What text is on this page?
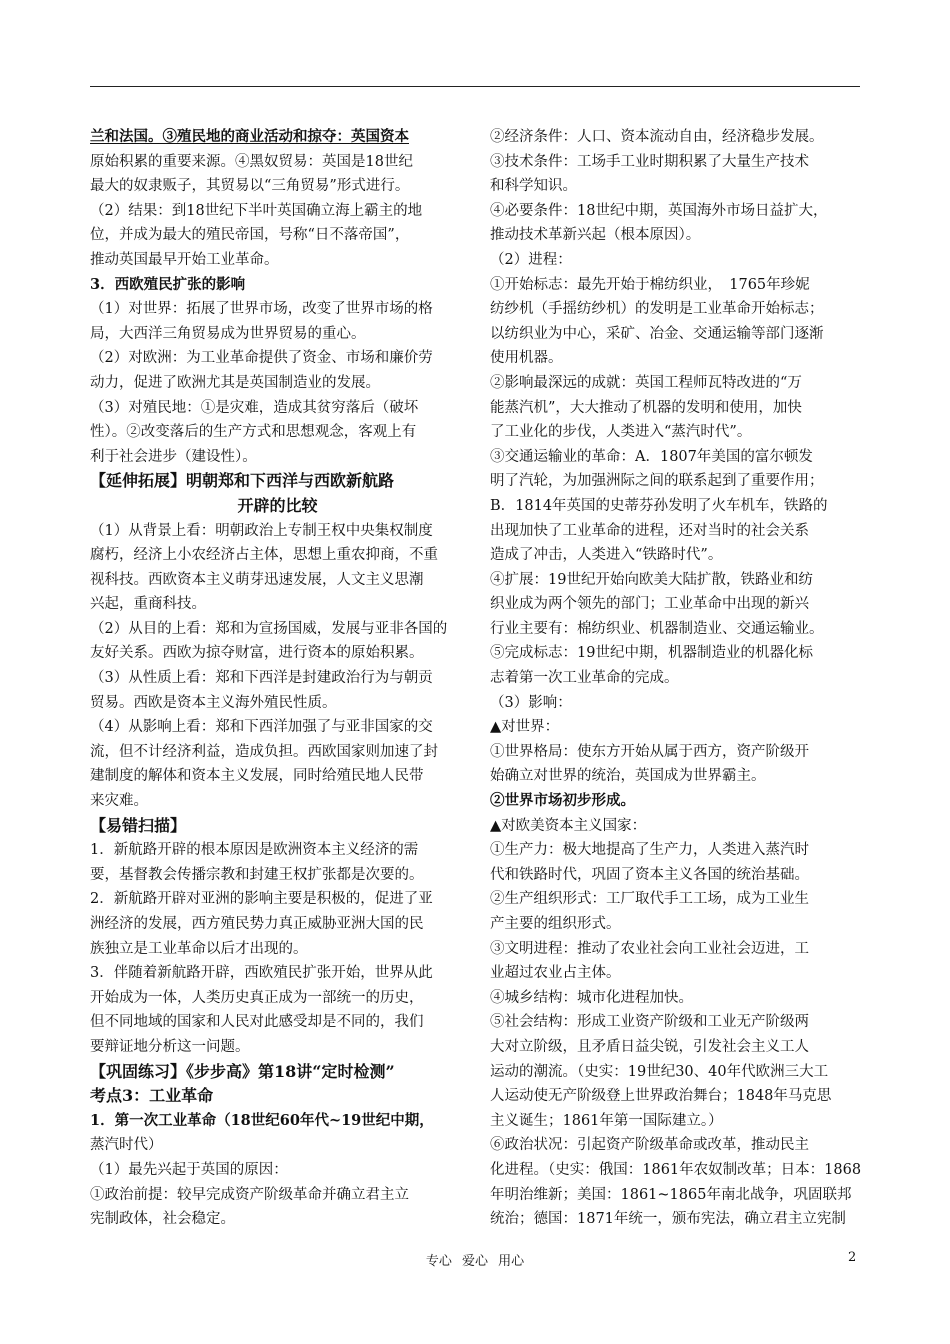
兰和法国。③殖民地的商业活动和掠夺：英国资本

原始积累的重要来源。④黑奴贸易：英国是18世纪

最大的奴隶贩子，其贸易以“三角贸易”形式进行。

（2）结果：到18世纪下半叶英国确立海上霸主的地

位，并成为最大的殖民帝国，号称“日不落帝国”，

推动英国最早开始工业革命。

3．西欧殖民扩张的影响

（1）对世界：拓展了世界市场，改变了世界市场的格

局，大西洋三角贸易成为世界贸易的重心。

（2）对欧洲：为工业革命提供了资金、市场和廉价劳

动力，促进了欧洲尤其是英国制造业的发展。

（3）对殖民地：①是灾难，造成其贫穷落后（破坏

性）。②改变落后的生产方式和思想观念，客观上有

利于社会进步（建设性）。

【延伸拓展】明朝郑和下西洋与西欧新航路

开辟的比较

（1）从背景上看：明朝政治上专制王权中央集权制度

腐朽，经济上小农经济占主体，思想上重农抑商，不重

视科技。西欧资本主义萌芽迅速发展，人文主义思潮

兴起，重商科技。

（2）从目的上看：郑和为宣扬国威，发展与亚非各国的

友好关系。西欧为掠夺财富，进行资本的原始积累。

（3）从性质上看：郑和下西洋是封建政治行为与朝贡

贸易。西欧是资本主义海外殖民性质。

（4）从影响上看：郑和下西洋加强了与亚非国家的交

流，但不计经济利益，造成负担。西欧国家则加速了封

建制度的解体和资本主义发展，同时给殖民地人民带

来灾难。

【易错扫描】

1．新航路开辟的根本原因是欧洲资本主义经济的需

要，基督教会传播宗教和封建王权扩张都是次要的。

2．新航路开辟对亚洲的影响主要是积极的，促进了亚

洲经济的发展，西方殖民势力真正威胁亚洲大国的民

族独立是工业革命以后才出现的。

3．伴随着新航路开辟，西欧殖民扩张开始，世界从此

开始成为一体，人类历史真正成为一部统一的历史，

但不同地域的国家和人民对此感受却是不同的，我们

要辩证地分析这一问题。

【巩固练习】《步步高》第18讲“定时检测”

考点3：工业革命

1．第一次工业革命（18世纪60年代~19世纪中期，

蒸汽时代）

（1）最先兴起于英国的原因：

①政治前提：较早完成资产阶级革命并确立君主立

宪制政体，社会稳定。

②经济条件：人口、资本流动自由，经济稳步发展。

③技术条件：工场手工业时期积累了大量生产技术

和科学知识。

④必要条件：18世纪中期，英国海外市场日益扩大，

推动技术革新兴起（根本原因）。

（2）进程：

①开始标志：最先开始于棉纺织业，　1765年珍妮

纺纱机（手摇纺纱机）的发明是工业革命开始标志；

以纺织业为中心，采矿、冶金、交通运输等部门逐渐

使用机器。

②影响最深远的成就：英国工程师瓦特改进的“万

能蒸汽机”，大大推动了机器的发明和使用，加快

了工业化的步伐，人类进入“蒸汽时代”。

③交通运输业的革命：A．1807年美国的富尔顿发

明了汽轮，为加强洲际之间的联系起到了重要作用；

B．1814年英国的史蒂芬孙发明了火车机车，铁路的

出现加快了工业革命的进程，还对当时的社会关系

造成了冲击，人类进入“铁路时代”。

④扩展：19世纪开始向欧美大陆扩散，铁路业和纺

织业成为两个领先的部门；工业革命中出现的新兴

行业主要有：棉纺织业、机器制造业、交通运输业。

⑤完成标志：19世纪中期，机器制造业的机器化标

志着第一次工业革命的完成。

（3）影响：

▲对世界：

①世界格局：使东方开始从属于西方，资产阶级开

始确立对世界的统治，英国成为世界霸主。

②世界市场初步形成。

▲对欧美资本主义国家：

①生产力：极大地提高了生产力，人类进入蒸汽时

代和铁路时代，巩固了资本主义各国的统治基础。

②生产组织形式：工厂取代手工工场，成为工业生

产主要的组织形式。

③文明进程：推动了农业社会向工业社会迈进，工

业超过农业占主体。

④城乡结构：城市化进程加快。

⑤社会结构：形成工业资产阶级和工业无产阶级两

大对立阶级，且矛盾日益尖锐，引发社会主义工人

运动的潮流。（史实：19世纪30、40年代欧洲三大工

人运动使无产阶级登上世界政治舞台；1848年马克思

主义诞生；1861年第一国际建立。）

⑥政治状况：引起资产阶级革命或改革，推动民主

化进程。（史实：俄国：1861年农奴制改革；日本：1868

年明治维新；美国：1861~1865年南北战争，巩固联邦

统治；德国：1871年统一，颁布宪法，确立君主立宪制

专心 爱心 用心	2
